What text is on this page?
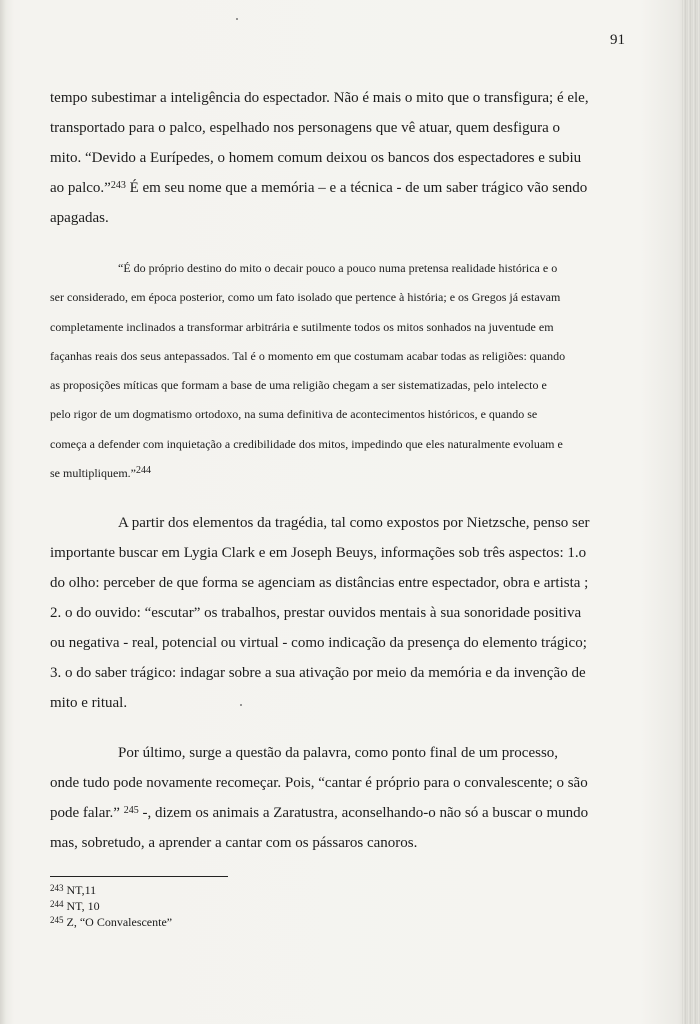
91

tempo subestimar a inteligência do espectador. Não é mais o mito que o transfigura; é ele, transportado para o palco, espelhado nos personagens que vê atuar, quem desfigura o mito. “Devido a Eurípedes, o homem comum deixou os bancos dos espectadores e subiu ao palco.”$^{243}$ É em seu nome que a memória – e a técnica - de um saber trágico vão sendo apagadas.

“É do próprio destino do mito o decair pouco a pouco numa pretensa realidade histórica e o ser considerado, em época posterior, como um fato isolado que pertence à história; e os Gregos já estavam completamente inclinados a transformar arbitrária e sutilmente todos os mitos sonhados na juventude em façanhas reais dos seus antepassados. Tal é o momento em que costumam acabar todas as religiões: quando as proposições míticas que formam a base de uma religião chegam a ser sistematizadas, pelo intelecto e pelo rigor de um dogmatismo ortodoxo, na suma definitiva de acontecimentos históricos, e quando se começa a defender com inquietação a credibilidade dos mitos, impedindo que eles naturalmente evoluam e se multipliquem.”$^{244}$

A partir dos elementos da tragédia, tal como expostos por Nietzsche, penso ser importante buscar em Lygia Clark e em Joseph Beuys, informações sob três aspectos: 1.o do olho: perceber de que forma se agenciam as distâncias entre espectador, obra e artista ; 2. o do ouvido: “escutar” os trabalhos, prestar ouvidos mentais à sua sonoridade positiva ou negativa - real, potencial ou virtual - como indicação da presença do elemento trágico; 3. o do saber trágico: indagar sobre a sua ativação por meio da memória e da invenção de mito e ritual.

Por último, surge a questão da palavra, como ponto final de um processo, onde tudo pode novamente recomeçar. Pois, “cantar é próprio para o convalescente; o são pode falar.” $^{245}$ -, dizem os animais a Zaratustra, aconselhando-o não só a buscar o mundo mas, sobretudo, a aprender a cantar com os pássaros canoros.

$^{243}$ NT,11
$^{244}$ NT, 10
$^{245}$ Z, “O Convalescente”
